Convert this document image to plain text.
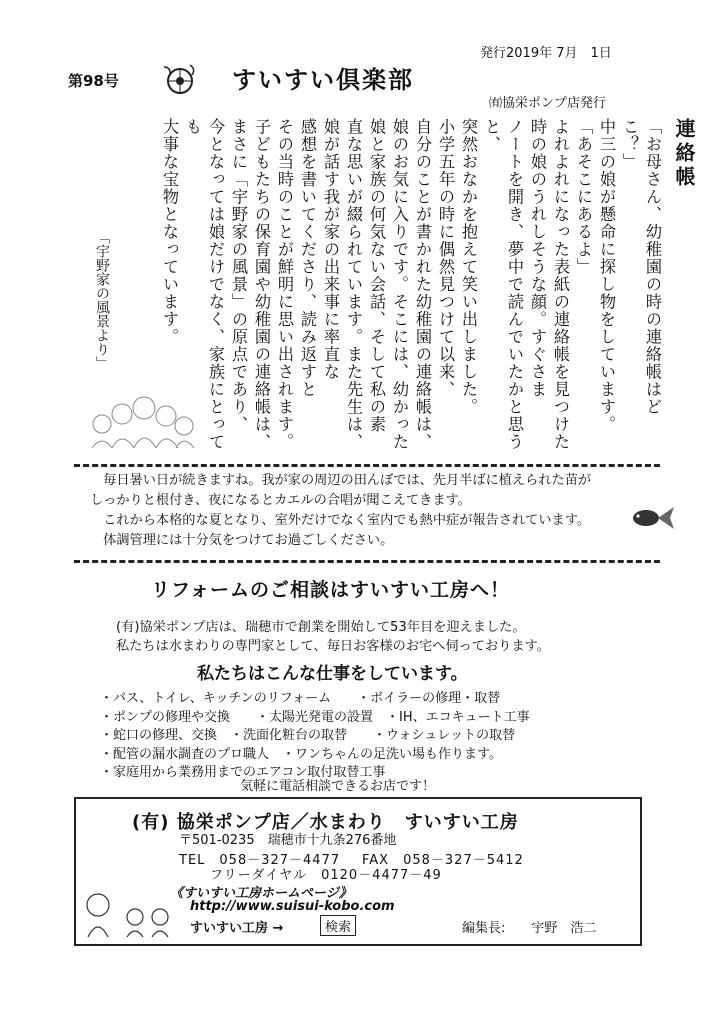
第98号	すいすい倶楽部
発行2019年 7月　1日
㈲協栄ポンプ店発行
「宇野家の風景より」
連絡帳

「お母さん、幼稚園の時の連絡帳はどこ？」

中三の娘が懸命に探し物をしています。

「あそこにあるよ」

よれよれになった表紙の連絡帳を見つけた

時の娘のうれしそうな顔。すぐさま

ノートを開き、夢中で読んでいたかと思うと、

突然おなかを抱えて笑い出しました。

小学五年の時に偶然見つけて以来、

自分のことが書かれた幼稚園の連絡帳は、

娘のお気に入りです。そこには、幼かった

娘と家族の何気ない会話、そして私の素

直な思いが綴られています。また先生は、

娘が話す我が家の出来事に率直な

感想を書いてくださり、読み返すと

その当時のことが鮮明に思い出されます。

子どもたちの保育園や幼稚園の連絡帳は、

まさに「宇野家の風景」の原点であり、

今となっては娘だけでなく、家族にとっても

大事な宝物となっています。

　毎日暑い日が続きますね。我が家の周辺の田んぼでは、先月半ばに植えられた苗が

しっかりと根付き、夜になるとカエルの合唱が聞こえてきます。

　これから本格的な夏となり、室外だけでなく室内でも熱中症が報告されています。

　体調管理には十分気をつけてお過ごしください。

リフォームのご相談はすいすい工房へ！

(有)協栄ポンプ店は、瑞穂市で創業を開始して53年目を迎えました。

私たちは水まわりの専門家として、毎日お客様のお宅へ伺っております。

私たちはこんな仕事をしています。
・バス、トイレ、キッチンのリフォーム　　・ボイラーの修理・取替
・ポンプの修理や交換　　・太陽光発電の設置　・IH、エコキュート工事
・蛇口の修理、交換　・洗面化粧台の取替　　・ウォシュレットの取替
・配管の漏水調査のプロ職人　・ワンちゃんの足洗い場も作ります。
・家庭用から業務用までのエアコン取付取替工事
気軽に電話相談できるお店です！
(有) 協栄ポンプ店／水まわり　すいすい工房
〒501-0235　瑞穂市十九条276番地
TEL　058－327－4477 FAX　058－327－5412
フリーダイヤル　0120－4477－49
《すいすい工房ホームページ》
http://www.suisui-kobo.com
すいすい工房 →	検索	編集長:　　宇野　浩二
